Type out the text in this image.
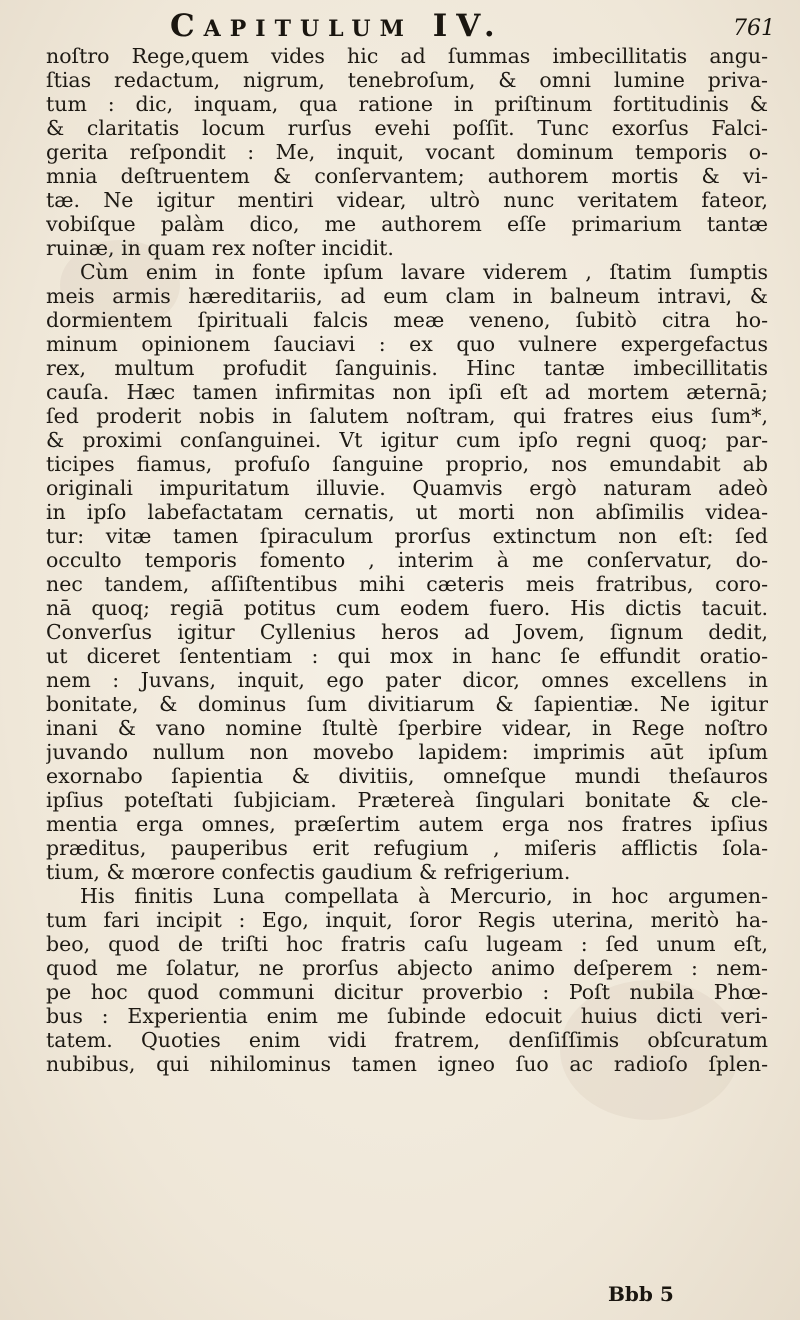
Capitulum IV.	761
noſtro Rege,quem vides hic ad ſummas imbecillitatis angu-
ſtias redactum, nigrum, tenebroſum, & omni lumine priva-
tum : dic, inquam, qua ratione in priſtinum fortitudinis &
& claritatis locum rurſus evehi poſſit. Tunc exorſus Falci-
gerita reſpondit : Me, inquit, vocant dominum temporis o-
mnia deſtruentem & conſervantem; authorem mortis & vi-
tæ. Ne igitur mentiri videar, ultrò nunc veritatem fateor,
vobiſque palàm dico, me authorem eſſe primarium tantæ
ruinæ, in quam rex noſter incidit.
Cùm enim in fonte ipſum lavare viderem , ſtatim ſumptis
meis armis hæreditariis, ad eum clam in balneum intravi, &
dormientem ſpirituali falcis meæ veneno, ſubitò citra ho-
minum opinionem ſauciavi : ex quo vulnere expergefactus
rex, multum profudit ſanguinis. Hinc tantæ imbecillitatis
cauſa. Hæc tamen infirmitas non ipſi eſt ad mortem æternā;
ſed proderit nobis in ſalutem noſtram, qui fratres eius ſum*,
& proximi conſanguinei. Vt igitur cum ipſo regni quoq; par-
ticipes fiamus, profuſo ſanguine proprio, nos emundabit ab
originali impuritatum illuvie. Quamvis ergò naturam adeò
in ipſo labefactatam cernatis, ut morti non abſimilis videa-
tur: vitæ tamen ſpiraculum prorſus extinctum non eſt: ſed
occulto temporis fomento , interim à me conſervatur, do-
nec tandem, aſſiſtentibus mihi cæteris meis fratribus, coro-
nā quoq; regiā potitus cum eodem fuero. His dictis tacuit.
Converſus igitur Cyllenius heros ad Jovem, ſignum dedit,
ut diceret ſententiam : qui mox in hanc ſe effundit oratio-
nem : Juvans, inquit, ego pater dicor, omnes excellens in
bonitate, & dominus ſum divitiarum & ſapientiæ. Ne igitur
inani & vano nomine ſtultè ſperbire videar, in Rege noſtro
juvando nullum non movebo lapidem: imprimis aūt ipſum
exornabo ſapientia & divitiis, omneſque mundi theſauros
ipſius poteſtati ſubjiciam. Prætereà ſingulari bonitate & cle-
mentia erga omnes, præſertim autem erga nos fratres ipſius
præditus, pauperibus erit refugium , miſeris afflictis ſola-
tium, & mœrore confectis gaudium & refrigerium.
His finitis Luna compellata à Mercurio, in hoc argumen-
tum fari incipit : Ego, inquit, ſoror Regis uterina, meritò ha-
beo, quod de triſti hoc fratris caſu lugeam : ſed unum eſt,
quod me ſolatur, ne prorſus abjecto animo deſperem : nem-
pe hoc quod communi dicitur proverbio : Poſt nubila Phœ-
bus : Experientia enim me ſubinde edocuit huius dicti veri-
tatem. Quoties enim vidi fratrem, denſiſſimis obſcuratum
nubibus, qui nihilominus tamen igneo ſuo ac radioſo ſplen-
Bbb 5
